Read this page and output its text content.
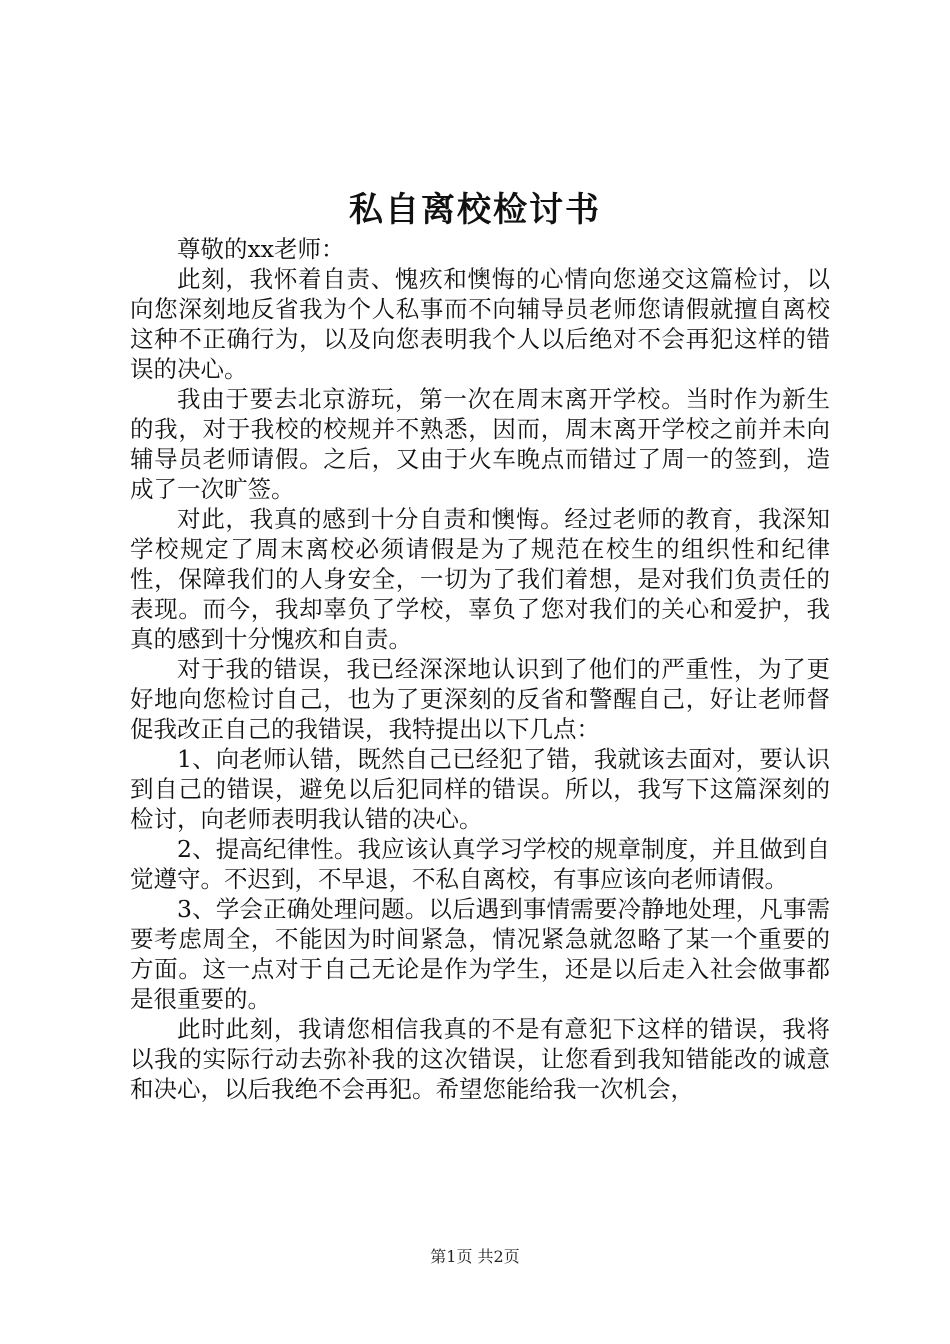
私自离校检讨书

尊敬的xx老师：

此刻，我怀着自责、愧疚和懊悔的心情向您递交这篇检讨，以向您深刻地反省我为个人私事而不向辅导员老师您请假就擅自离校这种不正确行为，以及向您表明我个人以后绝对不会再犯这样的错误的决心。

我由于要去北京游玩，第一次在周末离开学校。当时作为新生的我，对于我校的校规并不熟悉，因而，周末离开学校之前并未向辅导员老师请假。之后，又由于火车晚点而错过了周一的签到，造成了一次旷签。

对此，我真的感到十分自责和懊悔。经过老师的教育，我深知学校规定了周末离校必须请假是为了规范在校生的组织性和纪律性，保障我们的人身安全，一切为了我们着想，是对我们负责任的表现。而今，我却辜负了学校，辜负了您对我们的关心和爱护，我真的感到十分愧疚和自责。

对于我的错误，我已经深深地认识到了他们的严重性，为了更好地向您检讨自己，也为了更深刻的反省和警醒自己，好让老师督促我改正自己的我错误，我特提出以下几点：

1、向老师认错，既然自己已经犯了错，我就该去面对，要认识到自己的错误，避免以后犯同样的错误。所以，我写下这篇深刻的检讨，向老师表明我认错的决心。

2、提高纪律性。我应该认真学习学校的规章制度，并且做到自觉遵守。不迟到，不早退，不私自离校，有事应该向老师请假。

3、学会正确处理问题。以后遇到事情需要冷静地处理，凡事需要考虑周全，不能因为时间紧急，情况紧急就忽略了某一个重要的方面。这一点对于自己无论是作为学生，还是以后走入社会做事都是很重要的。

此时此刻，我请您相信我真的不是有意犯下这样的错误，我将以我的实际行动去弥补我的这次错误，让您看到我知错能改的诚意和决心，以后我绝不会再犯。希望您能给我一次机会，

第1页 共2页
